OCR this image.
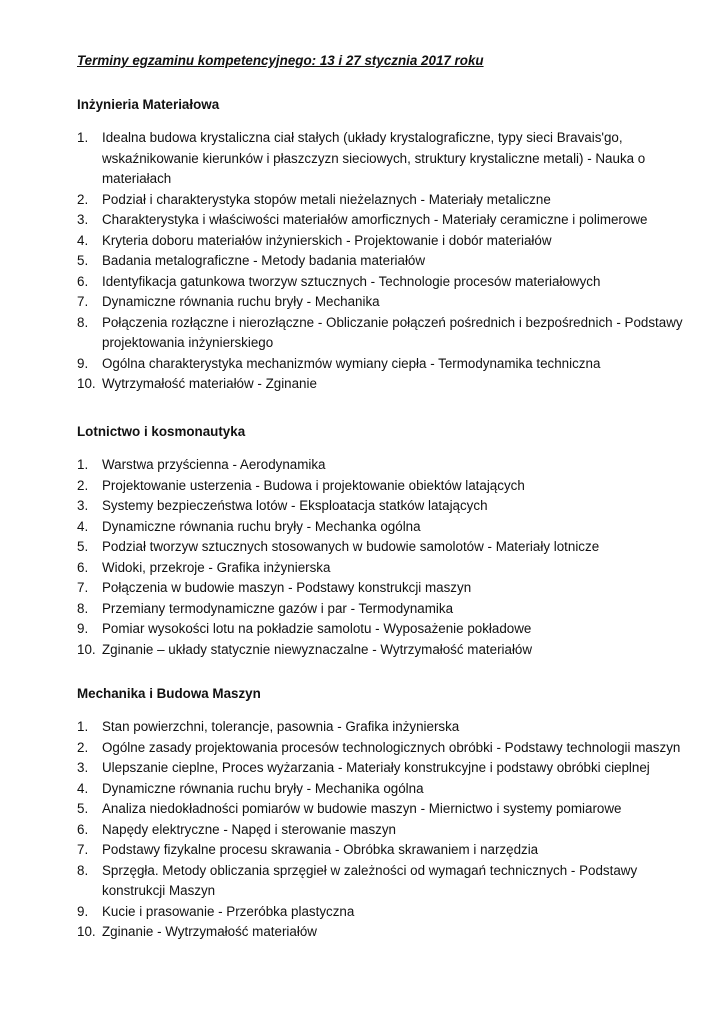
Terminy egzaminu kompetencyjnego: 13 i 27 stycznia 2017 roku
Inżynieria Materiałowa
1.	Idealna budowa krystaliczna ciał stałych (układy krystalograficzne, typy sieci Bravais'go, wskaźnikowanie kierunków i płaszczyzn sieciowych, struktury krystaliczne metali) - Nauka o materiałach
2.	Podział i charakterystyka stopów metali nieżelaznych - Materiały metaliczne
3.	Charakterystyka i właściwości materiałów amorficznych - Materiały ceramiczne i polimerowe
4.	Kryteria doboru materiałów inżynierskich - Projektowanie i dobór materiałów
5.	Badania metalograficzne - Metody badania materiałów
6.	Identyfikacja gatunkowa tworzyw sztucznych - Technologie procesów materiałowych
7.	Dynamiczne równania ruchu bryły - Mechanika
8.	Połączenia rozłączne i nierozłączne - Obliczanie połączeń pośrednich i bezpośrednich - Podstawy projektowania inżynierskiego
9.	Ogólna charakterystyka mechanizmów wymiany ciepła - Termodynamika techniczna
10. Wytrzymałość materiałów - Zginanie
Lotnictwo i kosmonautyka
1.	Warstwa przyścienna - Aerodynamika
2.	Projektowanie usterzenia - Budowa i projektowanie obiektów latających
3.	Systemy bezpieczeństwa lotów - Eksploatacja statków latających
4.	Dynamiczne równania ruchu bryły - Mechanka ogólna
5.	Podział tworzyw sztucznych stosowanych w budowie samolotów - Materiały lotnicze
6.	Widoki, przekroje - Grafika inżynierska
7.	Połączenia w budowie maszyn - Podstawy konstrukcji maszyn
8.	Przemiany termodynamiczne gazów i par - Termodynamika
9.	Pomiar wysokości lotu na pokładzie samolotu - Wyposażenie pokładowe
10. Zginanie – układy statycznie niewyznaczalne - Wytrzymałość materiałów
Mechanika i Budowa Maszyn
1.	Stan powierzchni, tolerancje, pasownia - Grafika inżynierska
2.	Ogólne zasady projektowania procesów technologicznych obróbki - Podstawy technologii maszyn
3.	Ulepszanie cieplne, Proces wyżarzania - Materiały konstrukcyjne i podstawy obróbki cieplnej
4.	Dynamiczne równania ruchu bryły - Mechanika ogólna
5.	Analiza niedokładności pomiarów w budowie maszyn - Miernictwo i systemy pomiarowe
6.	Napędy elektryczne - Napęd i sterowanie maszyn
7.	Podstawy fizykalne procesu skrawania - Obróbka skrawaniem i narzędzia
8.	Sprzęgła. Metody obliczania sprzęgieł w zależności od wymagań technicznych - Podstawy konstrukcji Maszyn
9.	Kucie i prasowanie - Przeróbka plastyczna
10. Zginanie - Wytrzymałość materiałów
